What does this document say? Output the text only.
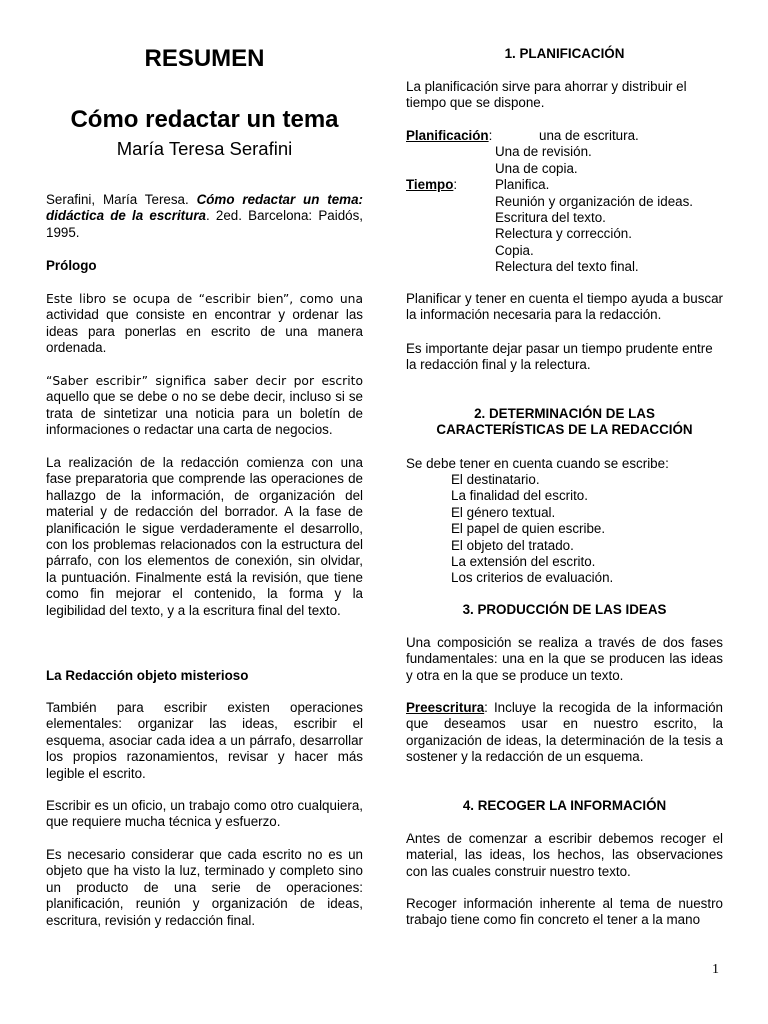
RESUMEN
Cómo redactar un tema
María Teresa Serafini

Serafini, María Teresa. Cómo redactar un tema: didáctica de la escritura. 2ed. Barcelona: Paidós, 1995.

Prólogo

Este libro se ocupa de “escribir bien”, como una actividad que consiste en encontrar y ordenar las ideas para ponerlas en escrito de una manera ordenada.

“Saber escribir” significa saber decir por escrito aquello que se debe o no se debe decir, incluso si se trata de sintetizar una noticia para un boletín de informaciones o redactar una carta de negocios.

La realización de la redacción comienza con una fase preparatoria que comprende las operaciones de hallazgo de la información, de organización del material y de redacción del borrador. A la fase de planificación le sigue verdaderamente el desarrollo, con los problemas relacionados con la estructura del párrafo, con los elementos de conexión, sin olvidar, la puntuación. Finalmente está la revisión, que tiene como fin mejorar el contenido, la forma y la legibilidad del texto, y a la escritura final del texto.

La Redacción objeto misterioso

También para escribir existen operaciones elementales: organizar las ideas, escribir el esquema, asociar cada idea a un párrafo, desarrollar los propios razonamientos, revisar y hacer más legible el escrito.

Escribir es un oficio, un trabajo como otro cualquiera, que requiere mucha técnica y esfuerzo.

Es necesario considerar que cada escrito no es un objeto que ha visto la luz, terminado y completo sino un producto de una serie de operaciones: planificación, reunión y organización de ideas, escritura, revisión y redacción final.

1. PLANIFICACIÓN

La planificación sirve para ahorrar y distribuir el tiempo que se dispone.

Planificación:	una de escritura.

Una de revisión.

Una de copia.

Tiempo:	Planifica.

Reunión y organización de ideas.

Escritura del texto.

Relectura y corrección.

Copia.

Relectura del texto final.

Planificar y tener en cuenta el tiempo ayuda a buscar la información necesaria para la redacción.

Es importante dejar pasar un tiempo prudente entre la redacción final y la relectura.

2. DETERMINACIÓN DE LAS

CARACTERÍSTICAS DE LA REDACCIÓN

Se debe tener en cuenta cuando se escribe:

El destinatario.

La finalidad del escrito.

El género textual.

El papel de quien escribe.

El objeto del tratado.

La extensión del escrito.

Los criterios de evaluación.

3. PRODUCCIÓN DE LAS IDEAS

Una composición se realiza a través de dos fases fundamentales: una en la que se producen las ideas y otra en la que se produce un texto.

Preescritura: Incluye la recogida de la información que deseamos usar en nuestro escrito, la organización de ideas, la determinación de la tesis a sostener y la redacción de un esquema.

4. RECOGER LA INFORMACIÓN

Antes de comenzar a escribir debemos recoger el material, las ideas, los hechos, las observaciones con las cuales construir nuestro texto.

Recoger información inherente al tema de nuestro trabajo tiene como fin concreto el tener a la mano

1
